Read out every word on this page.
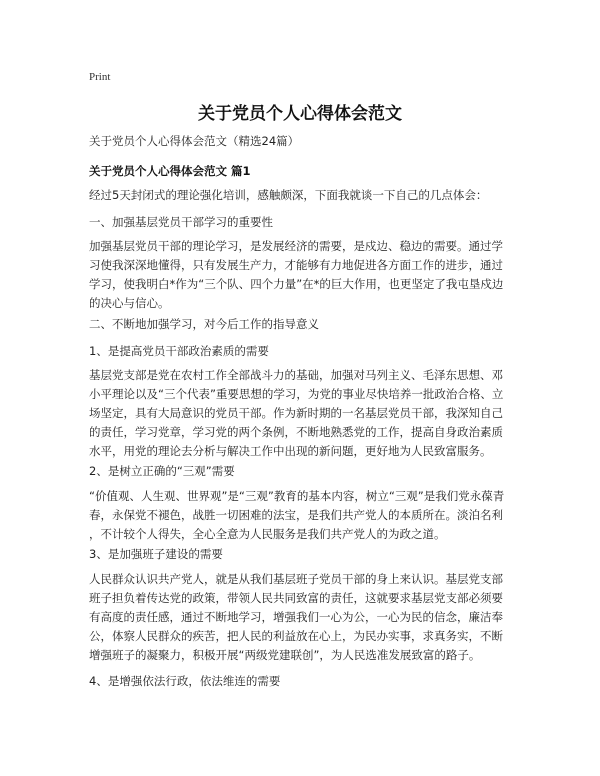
Print
关于党员个人心得体会范文
关于党员个人心得体会范文（精选24篇）
关于党员个人心得体会范文 篇1
经过5天封闭式的理论强化培训，感触颇深，下面我就谈一下自己的几点体会：
一、加强基层党员干部学习的重要性
加强基层党员干部的理论学习，是发展经济的需要，是戍边、稳边的需要。通过学
习使我深深地懂得，只有发展生产力，才能够有力地促进各方面工作的进步，通过
学习，使我明白*作为“三个队、四个力量”在*的巨大作用，也更坚定了我屯垦戍边
的决心与信心。
二、不断地加强学习，对今后工作的指导意义
1、是提高党员干部政治素质的需要
基层党支部是党在农村工作全部战斗力的基础，加强对马列主义、毛泽东思想、邓
小平理论以及“三个代表”重要思想的学习，为党的事业尽快培养一批政治合格、立
场坚定，具有大局意识的党员干部。作为新时期的一名基层党员干部，我深知自己
的责任，学习党章，学习党的两个条例，不断地熟悉党的工作，提高自身政治素质
水平，用党的理论去分析与解决工作中出现的新问题，更好地为人民致富服务。
2、是树立正确的“三观”需要
“价值观、人生观、世界观”是“三观”教育的基本内容，树立“三观”是我们党永葆青
春，永保党不褪色，战胜一切困难的法宝，是我们共产党人的本质所在。淡泊名利
，不计较个人得失，全心全意为人民服务是我们共产党人的为政之道。
3、是加强班子建设的需要
人民群众认识共产党人，就是从我们基层班子党员干部的身上来认识。基层党支部
班子担负着传达党的政策，带领人民共同致富的责任，这就要求基层党支部必须要
有高度的责任感，通过不断地学习，增强我们一心为公，一心为民的信念，廉洁奉
公，体察人民群众的疾苦，把人民的利益放在心上，为民办实事，求真务实，不断
增强班子的凝聚力，积极开展“两级党建联创”，为人民选准发展致富的路子。
4、是增强依法行政，依法维连的需要
